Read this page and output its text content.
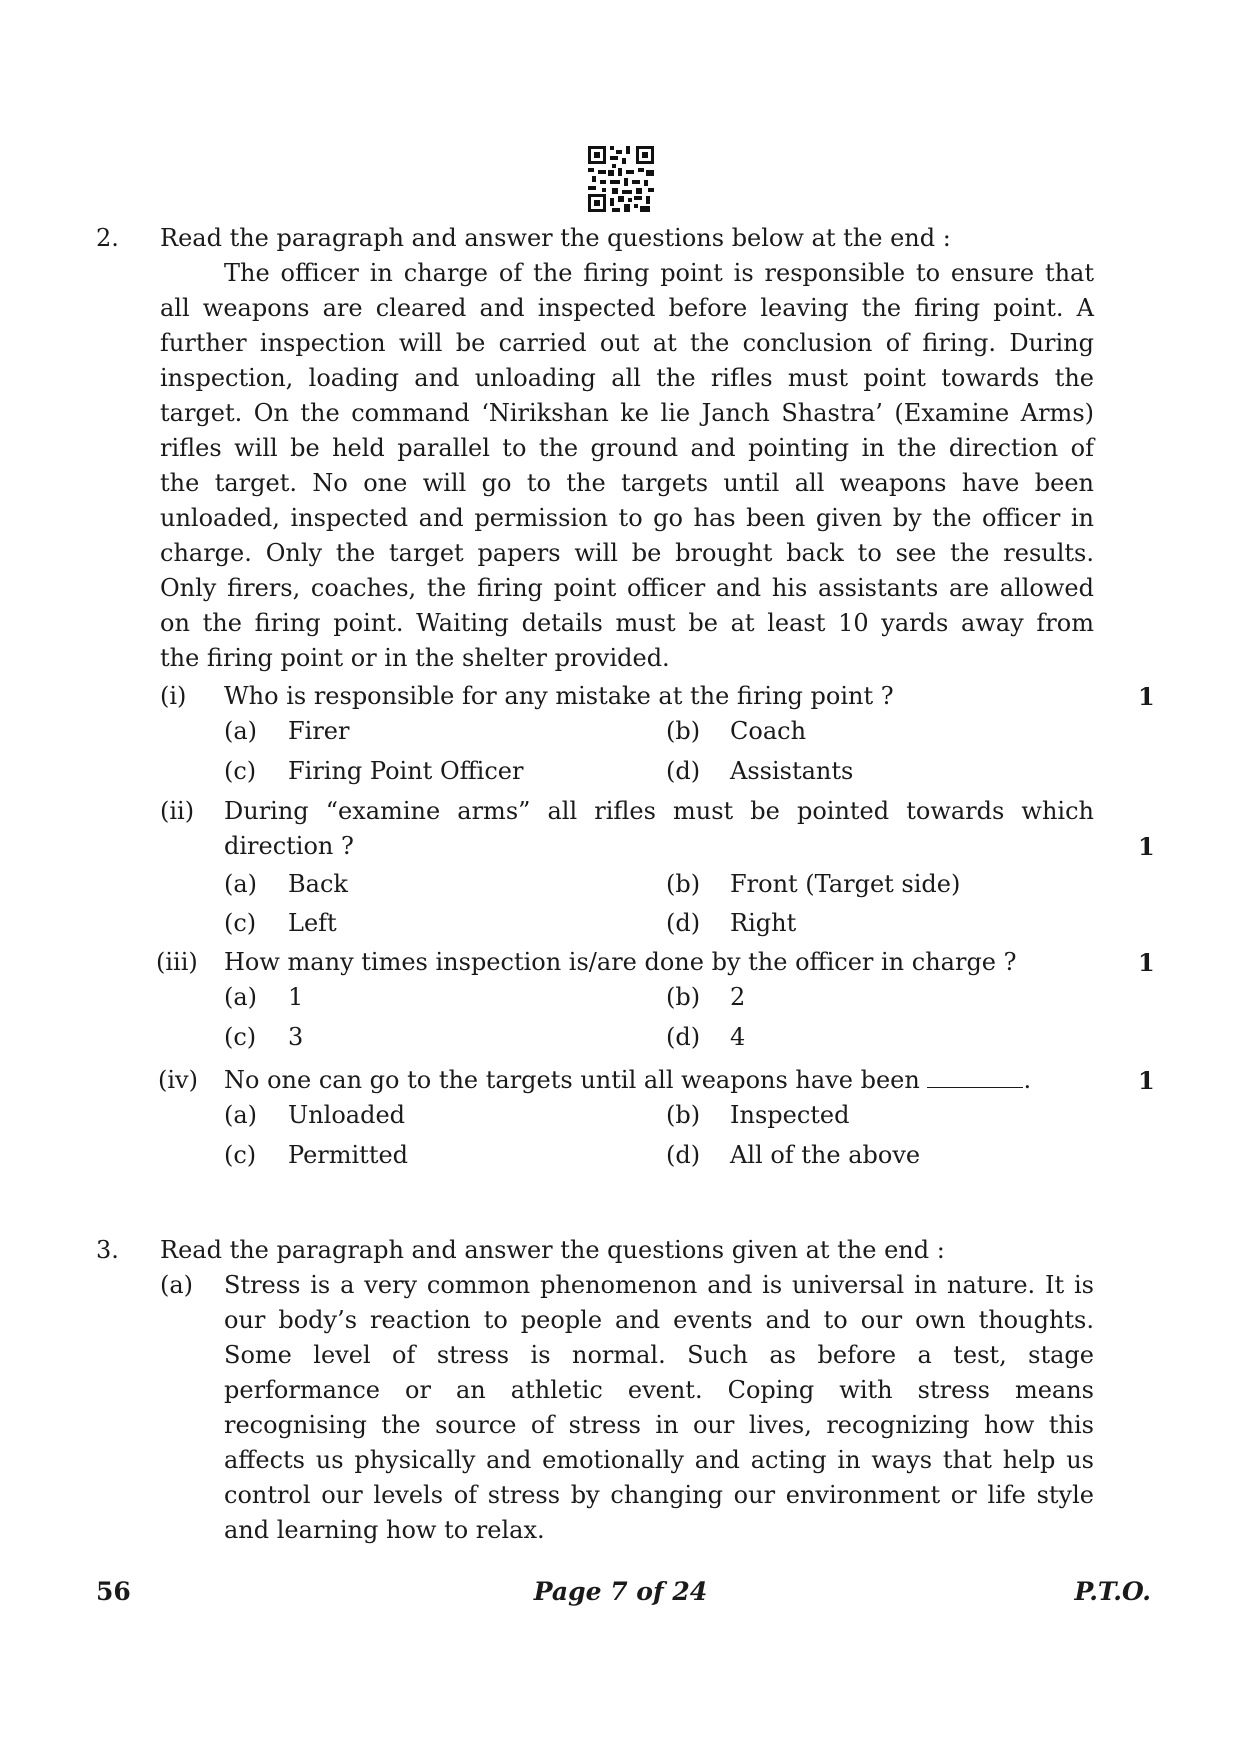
2. Read the paragraph and answer the questions below at the end :
The officer in charge of the firing point is responsible to ensure that
all weapons are cleared and inspected before leaving the firing point. A
further inspection will be carried out at the conclusion of firing. During
inspection, loading and unloading all the rifles must point towards the
target. On the command ‘Nirikshan ke lie Janch Shastra’ (Examine Arms)
rifles will be held parallel to the ground and pointing in the direction of
the target. No one will go to the targets until all weapons have been
unloaded, inspected and permission to go has been given by the officer in
charge. Only the target papers will be brought back to see the results.
Only firers, coaches, the firing point officer and his assistants are allowed
on the firing point. Waiting details must be at least 10 yards away from
the firing point or in the shelter provided.
(i) Who is responsible for any mistake at the firing point ?	1
(a) Firer	(b) Coach
(c) Firing Point Officer	(d) Assistants
(ii) During “examine arms” all rifles must be pointed towards which
direction ?	1
(a) Back	(b) Front (Target side)
(c) Left	(d) Right
(iii) How many times inspection is/are done by the officer in charge ?	1
(a) 1	(b) 2
(c) 3	(d) 4
(iv) No one can go to the targets until all weapons have been	.	1
(a) Unloaded	(b) Inspected
(c) Permitted	(d) All of the above
3. Read the paragraph and answer the questions given at the end :
(a) Stress is a very common phenomenon and is universal in nature. It is
our body’s reaction to people and events and to our own thoughts.
Some level of stress is normal. Such as before a test, stage
performance or an athletic event. Coping with stress means
recognising the source of stress in our lives, recognizing how this
affects us physically and emotionally and acting in ways that help us
control our levels of stress by changing our environment or life style
and learning how to relax.
56	Page 7 of 24	P.T.O.
